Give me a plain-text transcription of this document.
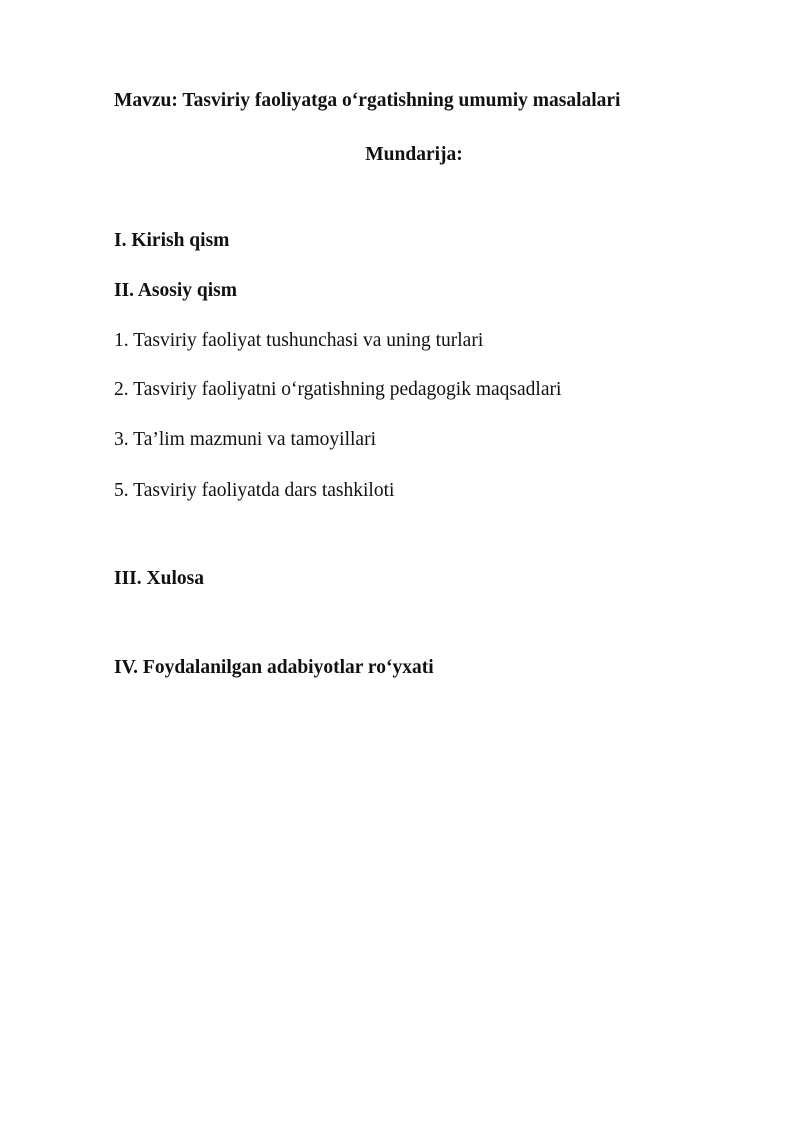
Mavzu: Tasviriy faoliyatga o‘rgatishning umumiy masalalari
Mundarija:
I. Kirish qism
II. Asosiy qism
1. Tasviriy faoliyat tushunchasi va uning turlari
2. Tasviriy faoliyatni o‘rgatishning pedagogik maqsadlari
3. Ta’lim mazmuni va tamoyillari
5. Tasviriy faoliyatda dars tashkiloti
III. Xulosa
IV. Foydalanilgan adabiyotlar ro‘yxati
